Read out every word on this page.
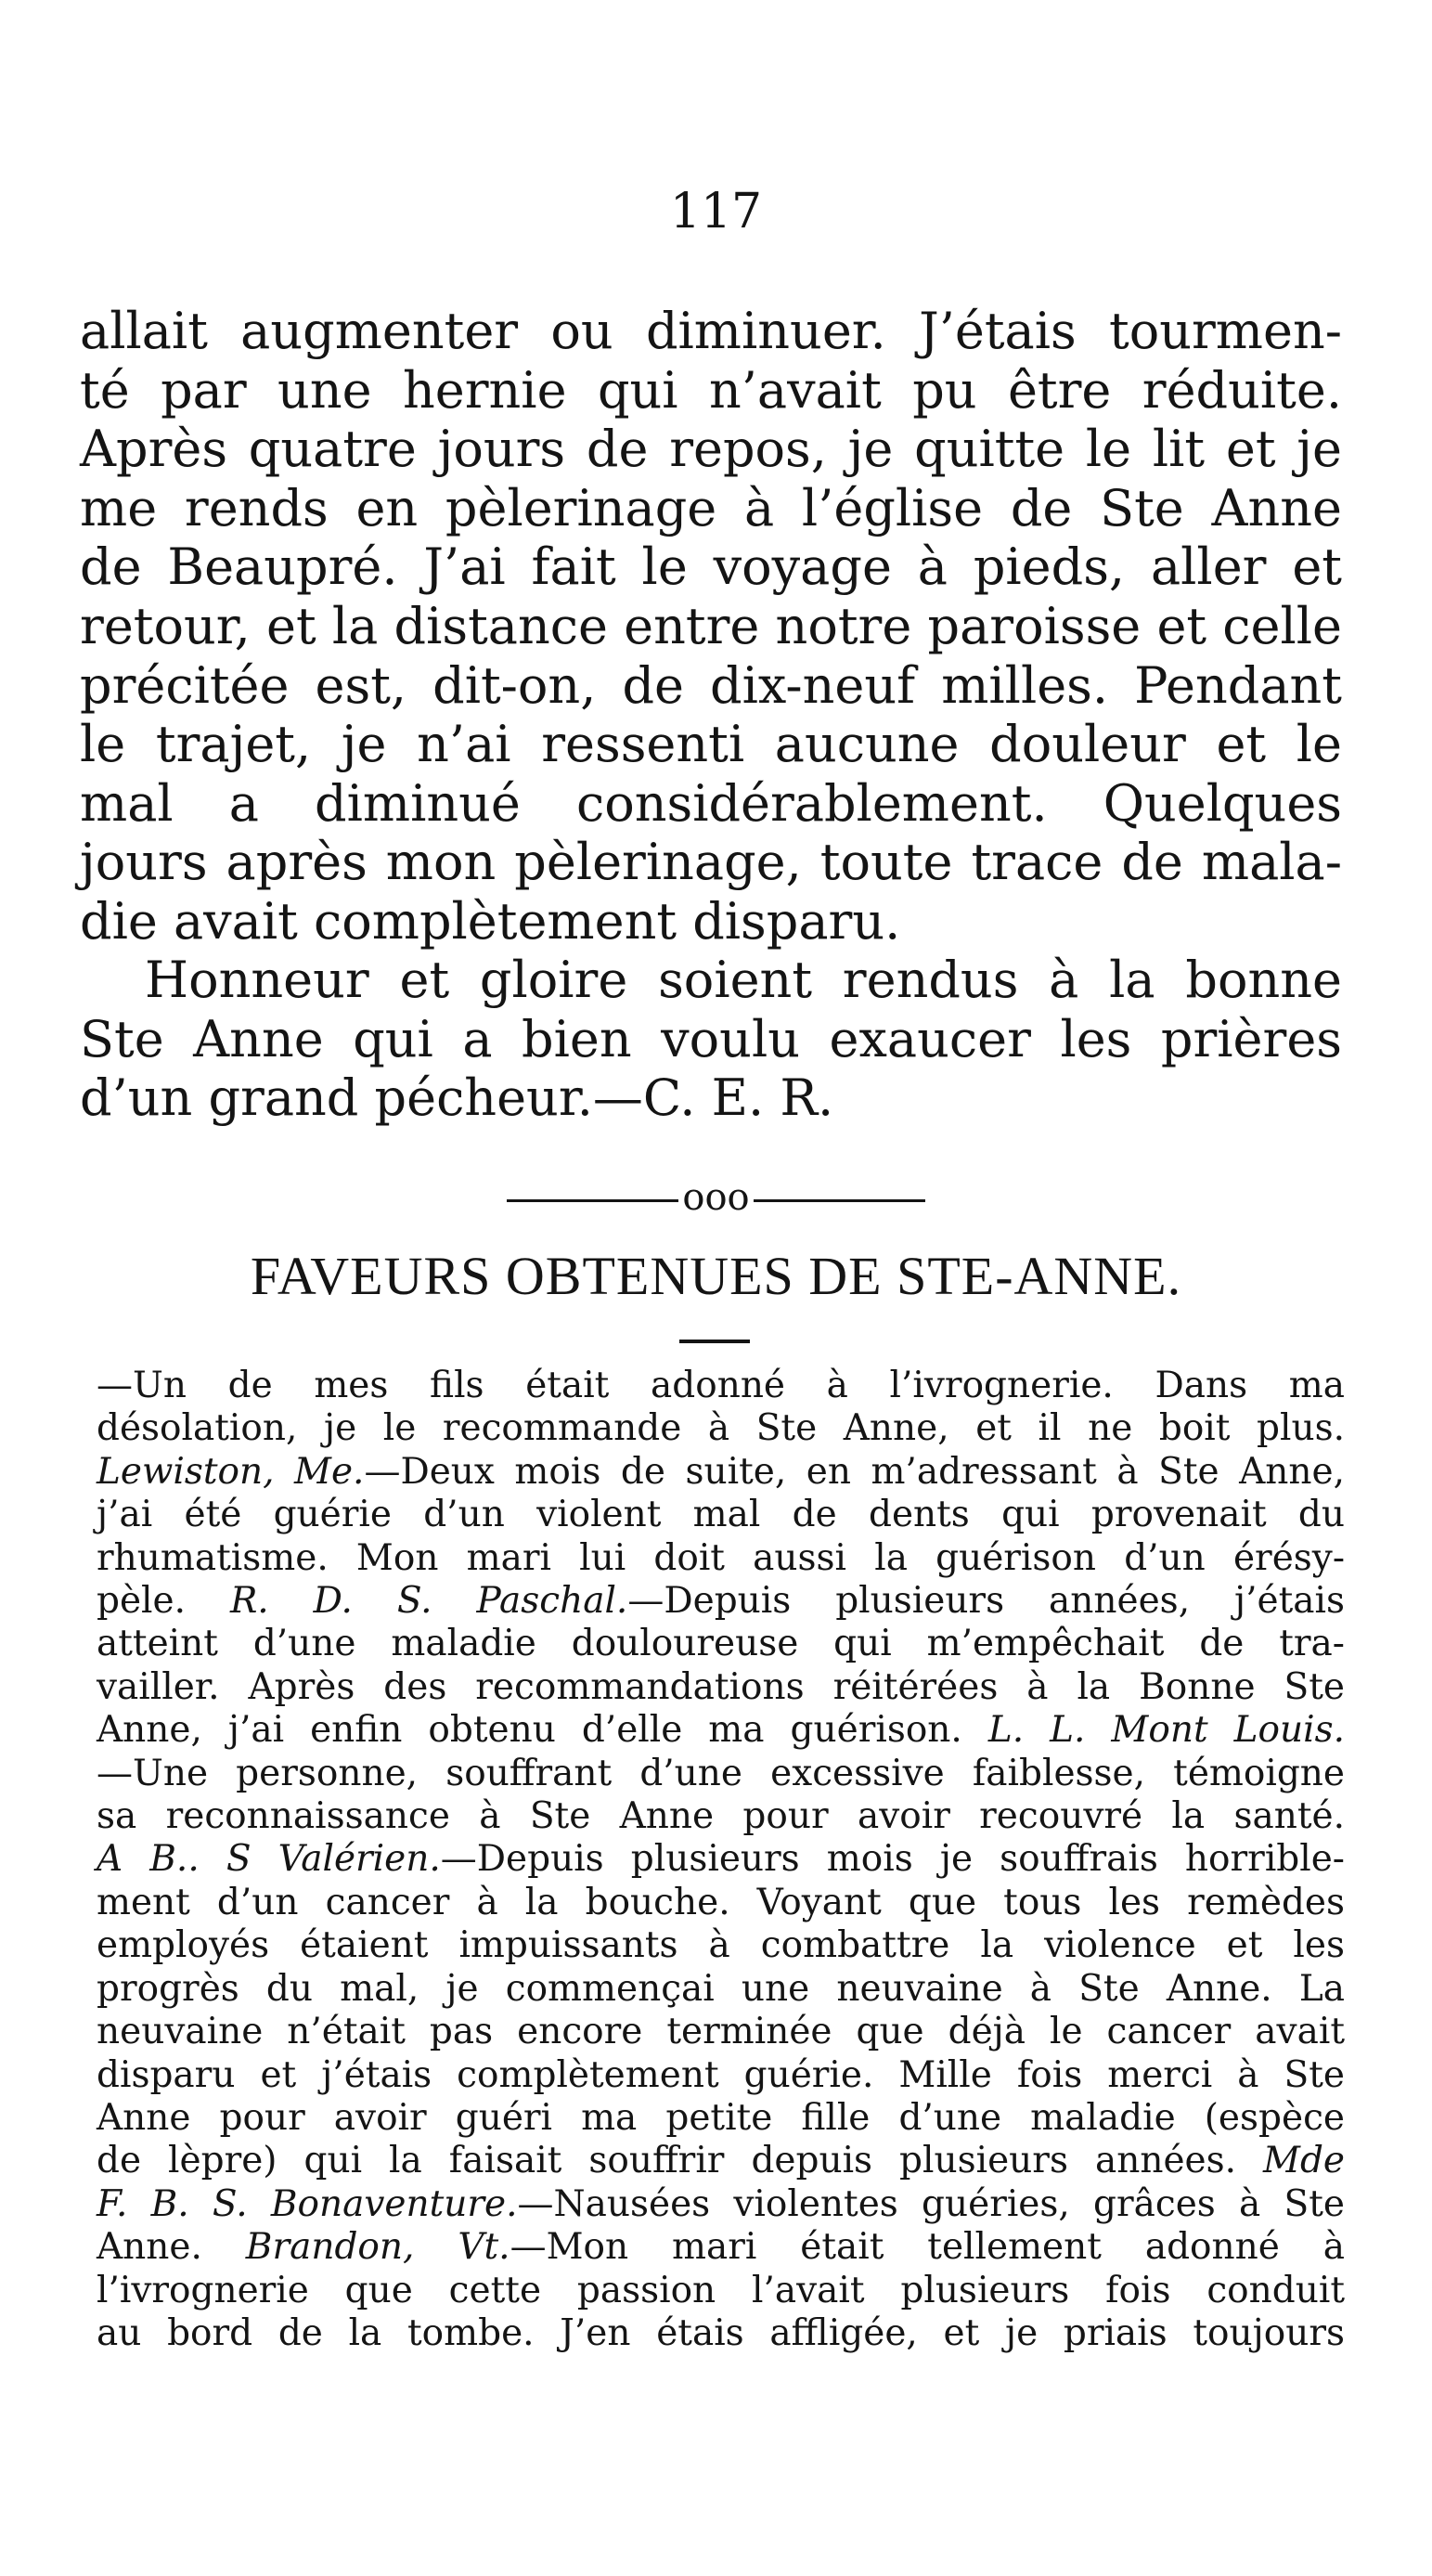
117
allait augmenter ou diminuer. J’étais tourmen-
té par une hernie qui n’avait pu être réduite.
Après quatre jours de repos, je quitte le lit et je
me rends en pèlerinage à l’église de Ste Anne
de Beaupré. J’ai fait le voyage à pieds, aller et
retour, et la distance entre notre paroisse et celle
précitée est, dit-on, de dix-neuf milles. Pendant
le trajet, je n’ai ressenti aucune douleur et le
mal a diminué considérablement. Quelques
jours après mon pèlerinage, toute trace de mala-
die avait complètement disparu.
Honneur et gloire soient rendus à la bonne
Ste Anne qui a bien voulu exaucer les prières
d’un grand pécheur.—C. E. R.
ooo
FAVEURS OBTENUES DE STE-ANNE.
—Un de mes fils était adonné à l’ivrognerie. Dans ma
désolation, je le recommande à Ste Anne, et il ne boit plus.
Lewiston, Me.—Deux mois de suite, en m’adressant à Ste Anne,
j’ai été guérie d’un violent mal de dents qui provenait du
rhumatisme. Mon mari lui doit aussi la guérison d’un érésy-
pèle. R. D. S. Paschal.—Depuis plusieurs années, j’étais
atteint d’une maladie douloureuse qui m’empêchait de tra-
vailler. Après des recommandations réitérées à la Bonne Ste
Anne, j’ai enfin obtenu d’elle ma guérison. L. L. Mont Louis.
—Une personne, souffrant d’une excessive faiblesse, témoigne
sa reconnaissance à Ste Anne pour avoir recouvré la santé.
A B.. S Valérien.—Depuis plusieurs mois je souffrais horrible-
ment d’un cancer à la bouche. Voyant que tous les remèdes
employés étaient impuissants à combattre la violence et les
progrès du mal, je commençai une neuvaine à Ste Anne. La
neuvaine n’était pas encore terminée que déjà le cancer avait
disparu et j’étais complètement guérie. Mille fois merci à Ste
Anne pour avoir guéri ma petite fille d’une maladie (espèce
de lèpre) qui la faisait souffrir depuis plusieurs années. Mde
F. B. S. Bonaventure.—Nausées violentes guéries, grâces à Ste
Anne. Brandon, Vt.—Mon mari était tellement adonné à
l’ivrognerie que cette passion l’avait plusieurs fois conduit
au bord de la tombe. J’en étais affligée, et je priais toujours
